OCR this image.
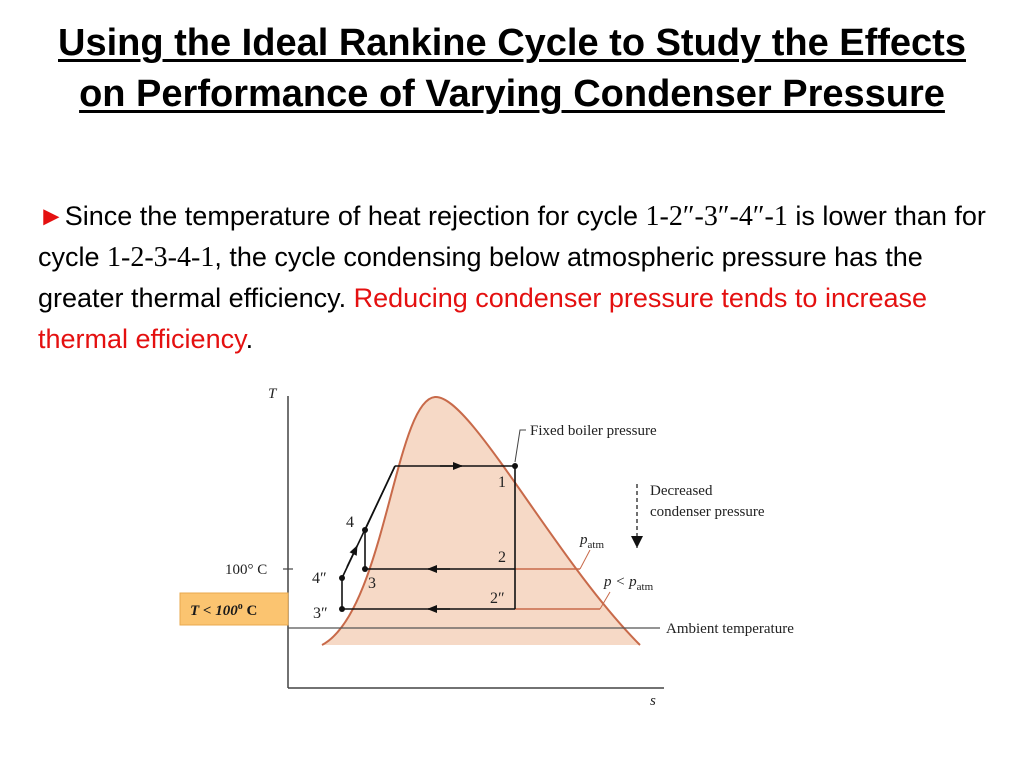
Using the Ideal Rankine Cycle to Study the Effects on Performance of Varying Condenser Pressure
►Since the temperature of heat rejection for cycle 1-2″-3″-4″-1 is lower than for cycle 1-2-3-4-1, the cycle condensing below atmospheric pressure has the greater thermal efficiency. Reducing condenser pressure tends to increase thermal efficiency.
T
s
100° C
Fixed boiler pressure
Decreased
condenser pressure
$p_{atm}$
$p < p_{atm}$
Ambient temperature
1
2
3
4
2″
3″
4″
$T < 100^o$ C
